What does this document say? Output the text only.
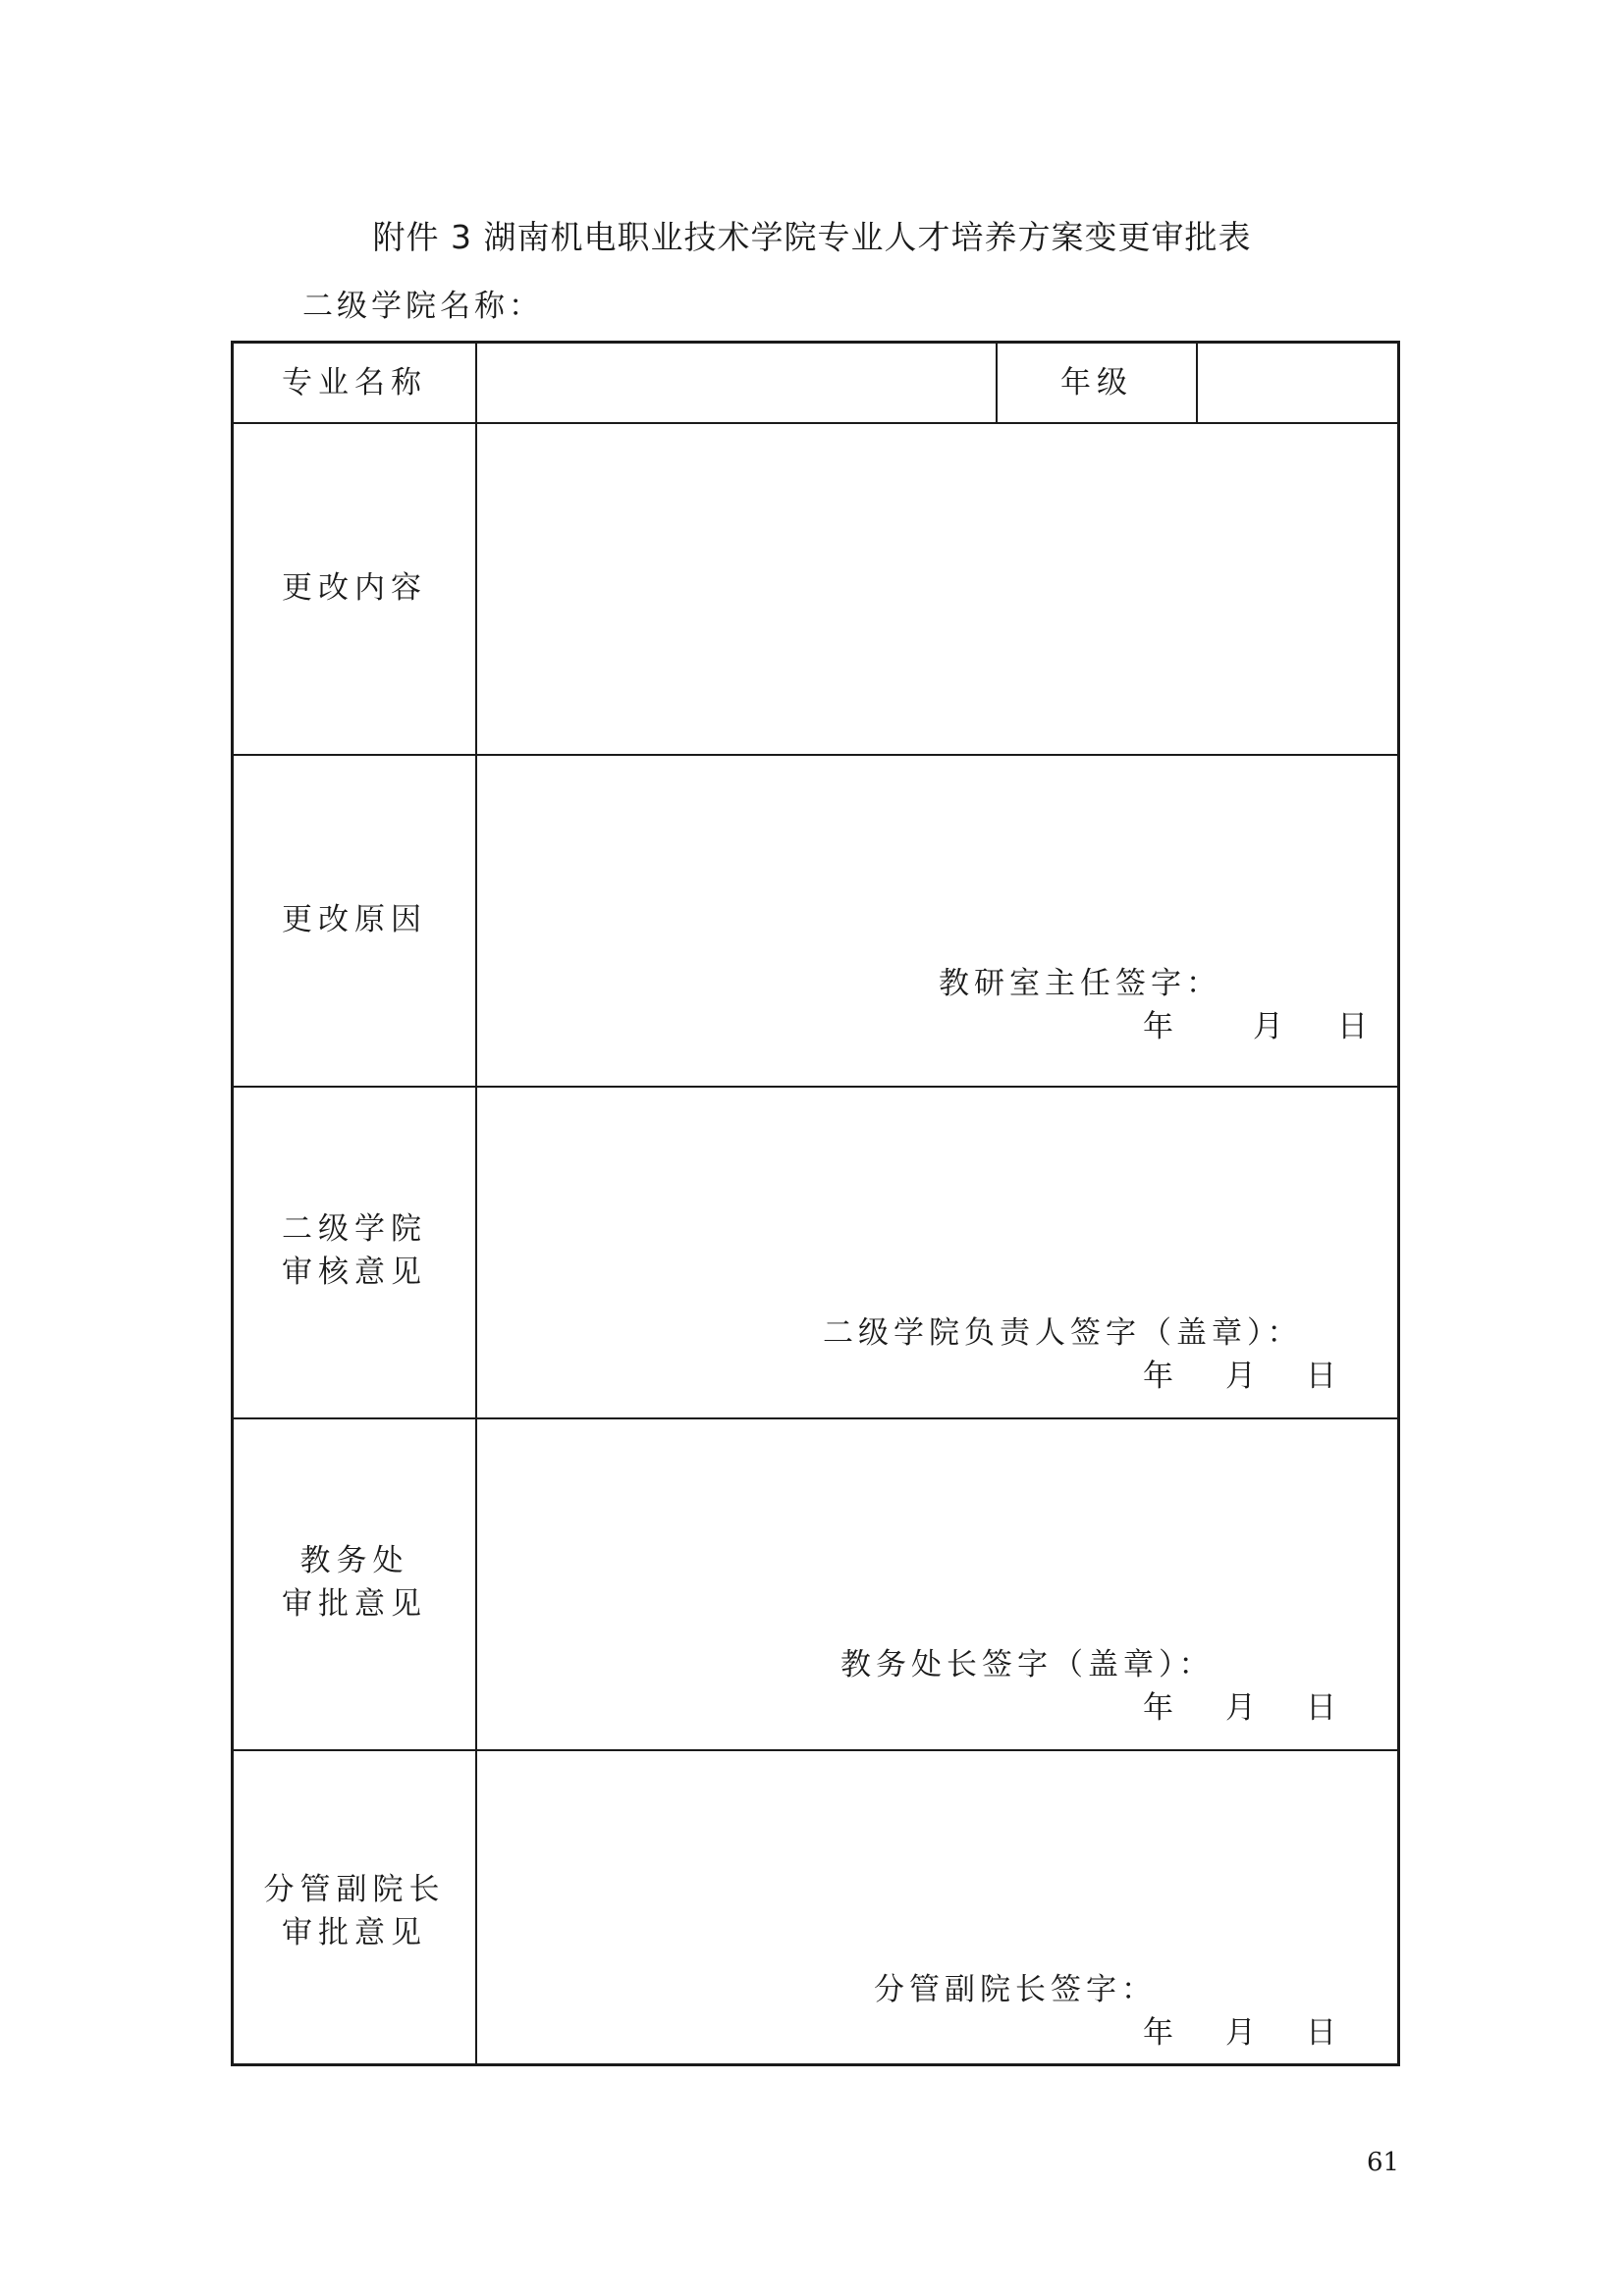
附件 3 湖南机电职业技术学院专业人才培养方案变更审批表
二级学院名称：
专业名称	年级
更改内容
更改原因
教研室主任签字：
年	月 日
二级学院
审核意见
二级学院负责人签字（盖章）：
年 月 日
教务处
审批意见
教务处长签字（盖章）：
年 月 日
分管副院长
审批意见
分管副院长签字：
年 月 日
61
